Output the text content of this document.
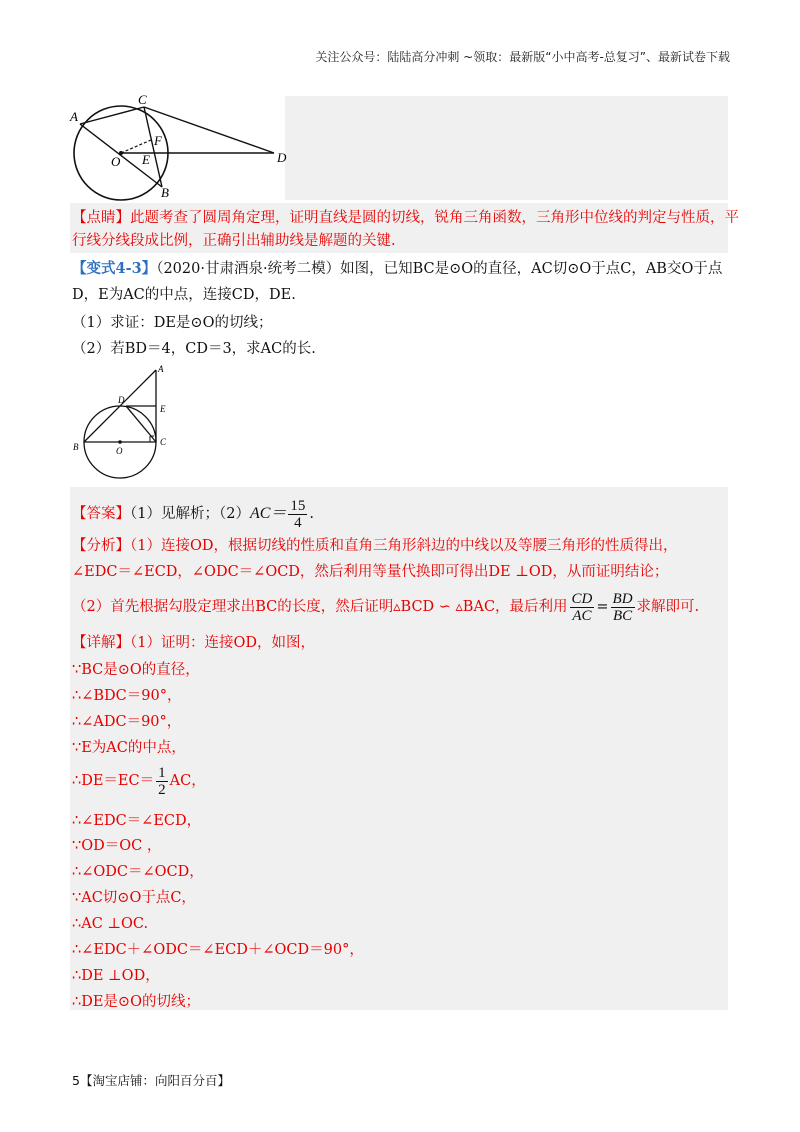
关注公众号：陆陆高分冲刺 ~领取：最新版“小中高考-总复习”、最新试卷下载
A
C
O
F
E
B
D
【点睛】此题考查了圆周角定理，证明直线是圆的切线，锐角三角函数，三角形中位线的判定与性质，平
行线分线段成比例，正确引出辅助线是解题的关键.
【变式4-3】（2020·甘肃酒泉·统考二模）如图，已知BC是⊙O的直径，AC切⊙O于点C，AB交O于点
D，E为AC的中点，连接CD，DE.
（1）求证：DE是⊙O的切线；
（2）若BD＝4，CD＝3，求AC的长.
A
D
E
B	O
C
【答案】（1）见解析；$(2)AC= \frac{15}{4}$ .
【分析】（1）连接OD，根据切线的性质和直角三角形斜边的中线以及等腰三角形的性质得出，
∠EDC＝∠ECD，∠ODC＝∠OCD，然后利用等量代换即可得出DE ⊥OD，从而证明结论；
（2）首先根据勾股定理求出BC的长度，然后证明▵BCD ∽ ▵BAC，最后利用 $\frac{CD}{AC} = \frac{BD}{BC}$ 求解即可.
【详解】（1）证明：连接OD，如图，
∵BC是⊙O的直径，
∴∠BDC＝90°，
∴∠ADC＝90°，
∵E为AC的中点，
∴DE＝EC＝ $\frac{1}{2}$ AC，
∴∠EDC＝∠ECD，
∵OD＝OC ，
∴∠ODC＝∠OCD，
∵AC切⊙O于点C，
∴AC ⊥OC.
∴∠EDC＋∠ODC＝∠ECD＋∠OCD＝90°，
∴DE ⊥OD，
∴DE是⊙O的切线；
5【淘宝店铺：向阳百分百】
